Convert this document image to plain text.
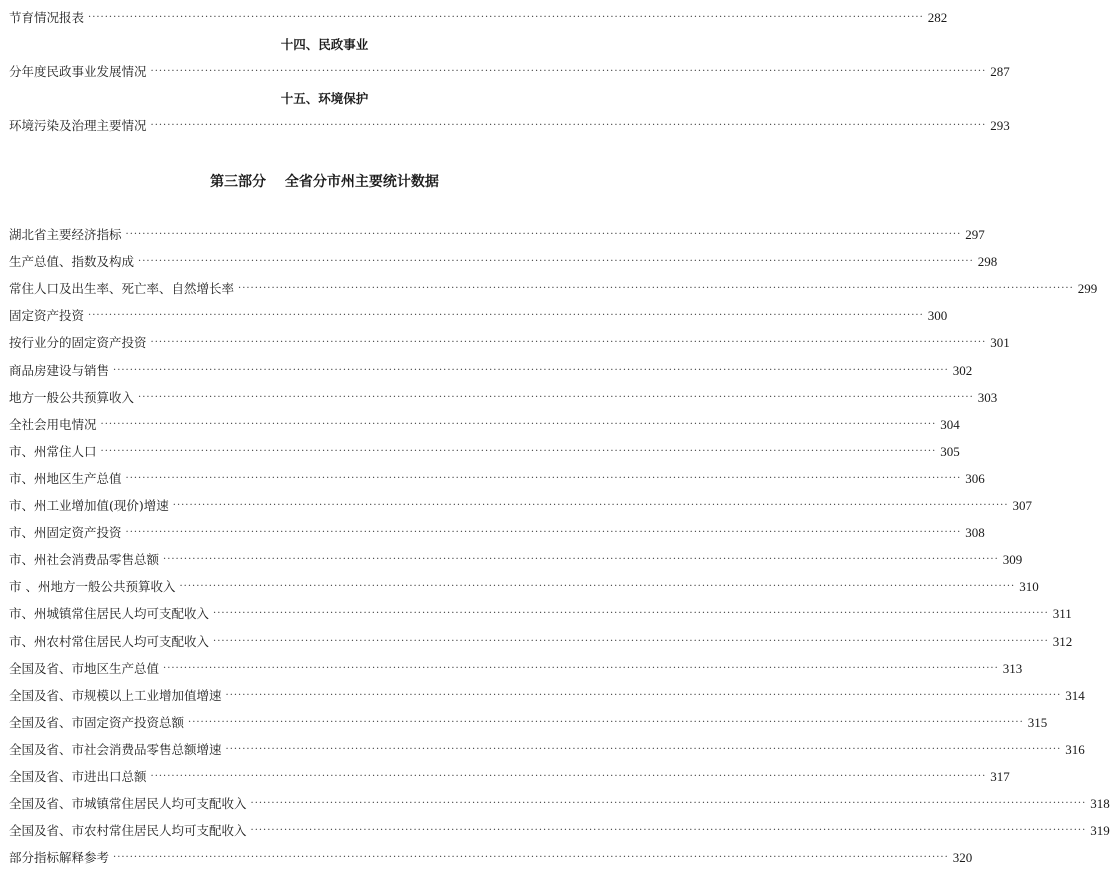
节育情况报表 ········································································································································································································ 282
十四、民政事业
分年度民政事业发展情况 ········································································································································································································ 287
十五、环境保护
环境污染及治理主要情况 ········································································································································································································ 293
第三部分　 全省分市州主要统计数据
湖北省主要经济指标 ········································································································································································································ 297
生产总值、指数及构成 ········································································································································································································ 298
常住人口及出生率、死亡率、自然增长率 ········································································································································································································ 299
固定资产投资 ········································································································································································································ 300
按行业分的固定资产投资 ········································································································································································································ 301
商品房建设与销售 ········································································································································································································ 302
地方一般公共预算收入 ········································································································································································································ 303
全社会用电情况 ········································································································································································································ 304
市、州常住人口 ········································································································································································································ 305
市、州地区生产总值 ········································································································································································································ 306
市、州工业增加值(现价)增速 ········································································································································································································ 307
市、州固定资产投资 ········································································································································································································ 308
市、州社会消费品零售总额 ········································································································································································································ 309
市 、州地方一般公共预算收入 ········································································································································································································ 310
市、州城镇常住居民人均可支配收入 ········································································································································································································ 311
市、州农村常住居民人均可支配收入 ········································································································································································································ 312
全国及省、市地区生产总值 ········································································································································································································ 313
全国及省、市规模以上工业增加值增速 ········································································································································································································ 314
全国及省、市固定资产投资总额 ········································································································································································································ 315
全国及省、市社会消费品零售总额增速 ········································································································································································································ 316
全国及省、市进出口总额 ········································································································································································································ 317
全国及省、市城镇常住居民人均可支配收入 ········································································································································································································ 318
全国及省、市农村常住居民人均可支配收入 ········································································································································································································ 319
部分指标解释参考 ········································································································································································································ 320
